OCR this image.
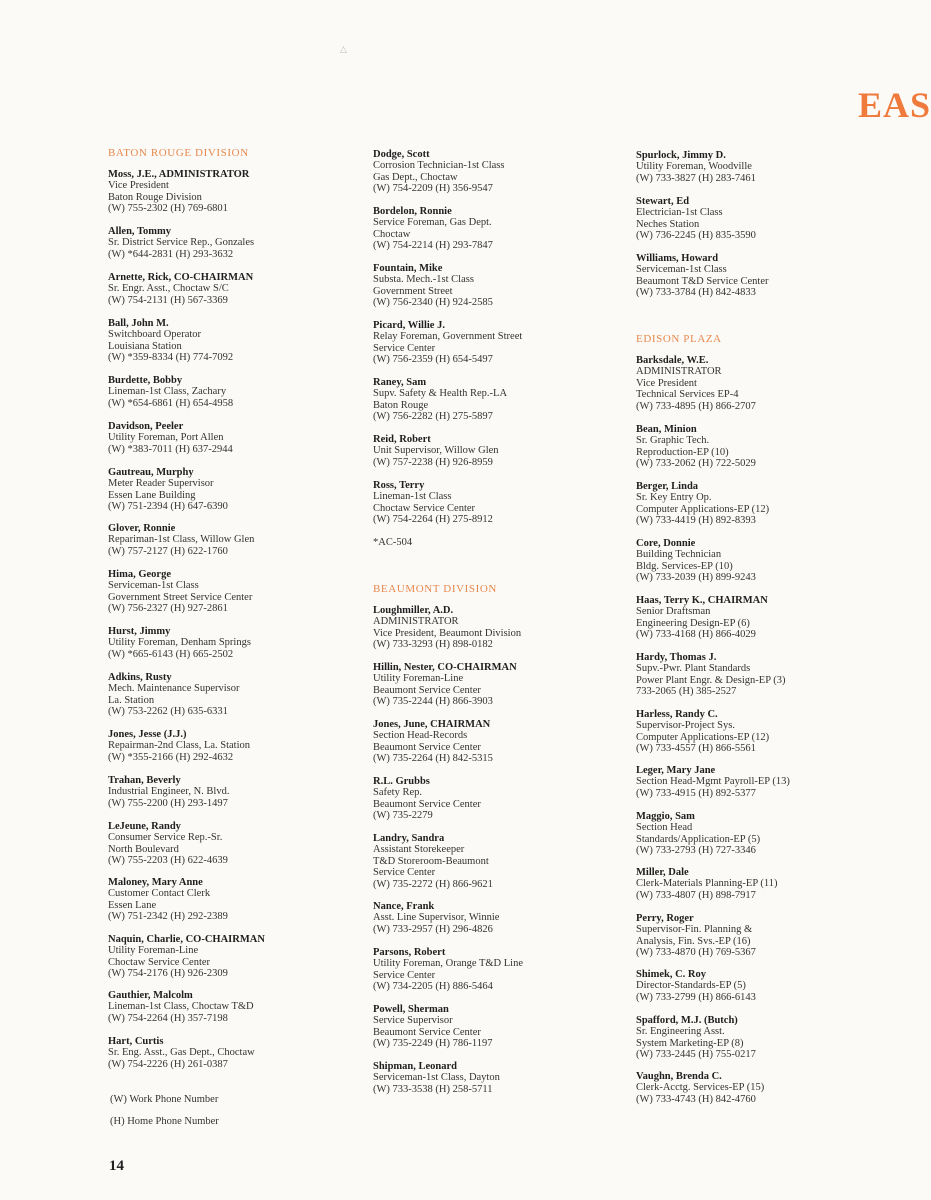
EAS
△
BATON ROUGE DIVISION
Moss, J.E., ADMINISTRATOR
Vice President
Baton Rouge Division
(W) 755-2302 (H) 769-6801
Allen, Tommy
Sr. District Service Rep., Gonzales
(W) *644-2831 (H) 293-3632
Arnette, Rick, CO-CHAIRMAN
Sr. Engr. Asst., Choctaw S/C
(W) 754-2131 (H) 567-3369
Ball, John M.
Switchboard Operator
Louisiana Station
(W) *359-8334 (H) 774-7092
Burdette, Bobby
Lineman-1st Class, Zachary
(W) *654-6861 (H) 654-4958
Davidson, Peeler
Utility Foreman, Port Allen
(W) *383-7011 (H) 637-2944
Gautreau, Murphy
Meter Reader Supervisor
Essen Lane Building
(W) 751-2394 (H) 647-6390
Glover, Ronnie
Repariman-1st Class, Willow Glen
(W) 757-2127 (H) 622-1760
Hima, George
Serviceman-1st Class
Government Street Service Center
(W) 756-2327 (H) 927-2861
Hurst, Jimmy
Utility Foreman, Denham Springs
(W) *665-6143 (H) 665-2502
Adkins, Rusty
Mech. Maintenance Supervisor
La. Station
(W) 753-2262 (H) 635-6331
Jones, Jesse (J.J.)
Repairman-2nd Class, La. Station
(W) *355-2166 (H) 292-4632
Trahan, Beverly
Industrial Engineer, N. Blvd.
(W) 755-2200 (H) 293-1497
LeJeune, Randy
Consumer Service Rep.-Sr.
North Boulevard
(W) 755-2203 (H) 622-4639
Maloney, Mary Anne
Customer Contact Clerk
Essen Lane
(W) 751-2342 (H) 292-2389
Naquin, Charlie, CO-CHAIRMAN
Utility Foreman-Line
Choctaw Service Center
(W) 754-2176 (H) 926-2309
Gauthier, Malcolm
Lineman-1st Class, Choctaw T&D
(W) 754-2264 (H) 357-7198
Hart, Curtis
Sr. Eng. Asst., Gas Dept., Choctaw
(W) 754-2226 (H) 261-0387
(W) Work Phone Number
(H) Home Phone Number
Dodge, Scott
Corrosion Technician-1st Class
Gas Dept., Choctaw
(W) 754-2209 (H) 356-9547
Bordelon, Ronnie
Service Foreman, Gas Dept.
Choctaw
(W) 754-2214 (H) 293-7847
Fountain, Mike
Substa. Mech.-1st Class
Government Street
(W) 756-2340 (H) 924-2585
Picard, Willie J.
Relay Foreman, Government Street
Service Center
(W) 756-2359 (H) 654-5497
Raney, Sam
Supv. Safety & Health Rep.-LA
Baton Rouge
(W) 756-2282 (H) 275-5897
Reid, Robert
Unit Supervisor, Willow Glen
(W) 757-2238 (H) 926-8959
Ross, Terry
Lineman-1st Class
Choctaw Service Center
(W) 754-2264 (H) 275-8912
*AC-504
BEAUMONT DIVISION
Loughmiller, A.D.
ADMINISTRATOR
Vice President, Beaumont Division
(W) 733-3293 (H) 898-0182
Hillin, Nester, CO-CHAIRMAN
Utility Foreman-Line
Beaumont Service Center
(W) 735-2244 (H) 866-3903
Jones, June, CHAIRMAN
Section Head-Records
Beaumont Service Center
(W) 735-2264 (H) 842-5315
R.L. Grubbs
Safety Rep.
Beaumont Service Center
(W) 735-2279
Landry, Sandra
Assistant Storekeeper
T&D Storeroom-Beaumont
Service Center
(W) 735-2272 (H) 866-9621
Nance, Frank
Asst. Line Supervisor, Winnie
(W) 733-2957 (H) 296-4826
Parsons, Robert
Utility Foreman, Orange T&D Line
Service Center
(W) 734-2205 (H) 886-5464
Powell, Sherman
Service Supervisor
Beaumont Service Center
(W) 735-2249 (H) 786-1197
Shipman, Leonard
Serviceman-1st Class, Dayton
(W) 733-3538 (H) 258-5711
Spurlock, Jimmy D.
Utility Foreman, Woodville
(W) 733-3827 (H) 283-7461
Stewart, Ed
Electrician-1st Class
Neches Station
(W) 736-2245 (H) 835-3590
Williams, Howard
Serviceman-1st Class
Beaumont T&D Service Center
(W) 733-3784 (H) 842-4833
EDISON PLAZA
Barksdale, W.E.
ADMINISTRATOR
Vice President
Technical Services EP-4
(W) 733-4895 (H) 866-2707
Bean, Minion
Sr. Graphic Tech.
Reproduction-EP (10)
(W) 733-2062 (H) 722-5029
Berger, Linda
Sr. Key Entry Op.
Computer Applications-EP (12)
(W) 733-4419 (H) 892-8393
Core, Donnie
Building Technician
Bldg. Services-EP (10)
(W) 733-2039 (H) 899-9243
Haas, Terry K., CHAIRMAN
Senior Draftsman
Engineering Design-EP (6)
(W) 733-4168 (H) 866-4029
Hardy, Thomas J.
Supv.-Pwr. Plant Standards
Power Plant Engr. & Design-EP (3)
733-2065 (H) 385-2527
Harless, Randy C.
Supervisor-Project Sys.
Computer Applications-EP (12)
(W) 733-4557 (H) 866-5561
Leger, Mary Jane
Section Head-Mgmt Payroll-EP (13)
(W) 733-4915 (H) 892-5377
Maggio, Sam
Section Head
Standards/Application-EP (5)
(W) 733-2793 (H) 727-3346
Miller, Dale
Clerk-Materials Planning-EP (11)
(W) 733-4807 (H) 898-7917
Perry, Roger
Supervisor-Fin. Planning &
Analysis, Fin. Svs.-EP (16)
(W) 733-4870 (H) 769-5367
Shimek, C. Roy
Director-Standards-EP (5)
(W) 733-2799 (H) 866-6143
Spafford, M.J. (Butch)
Sr. Engineering Asst.
System Marketing-EP (8)
(W) 733-2445 (H) 755-0217
Vaughn, Brenda C.
Clerk-Acctg. Services-EP (15)
(W) 733-4743 (H) 842-4760
14
